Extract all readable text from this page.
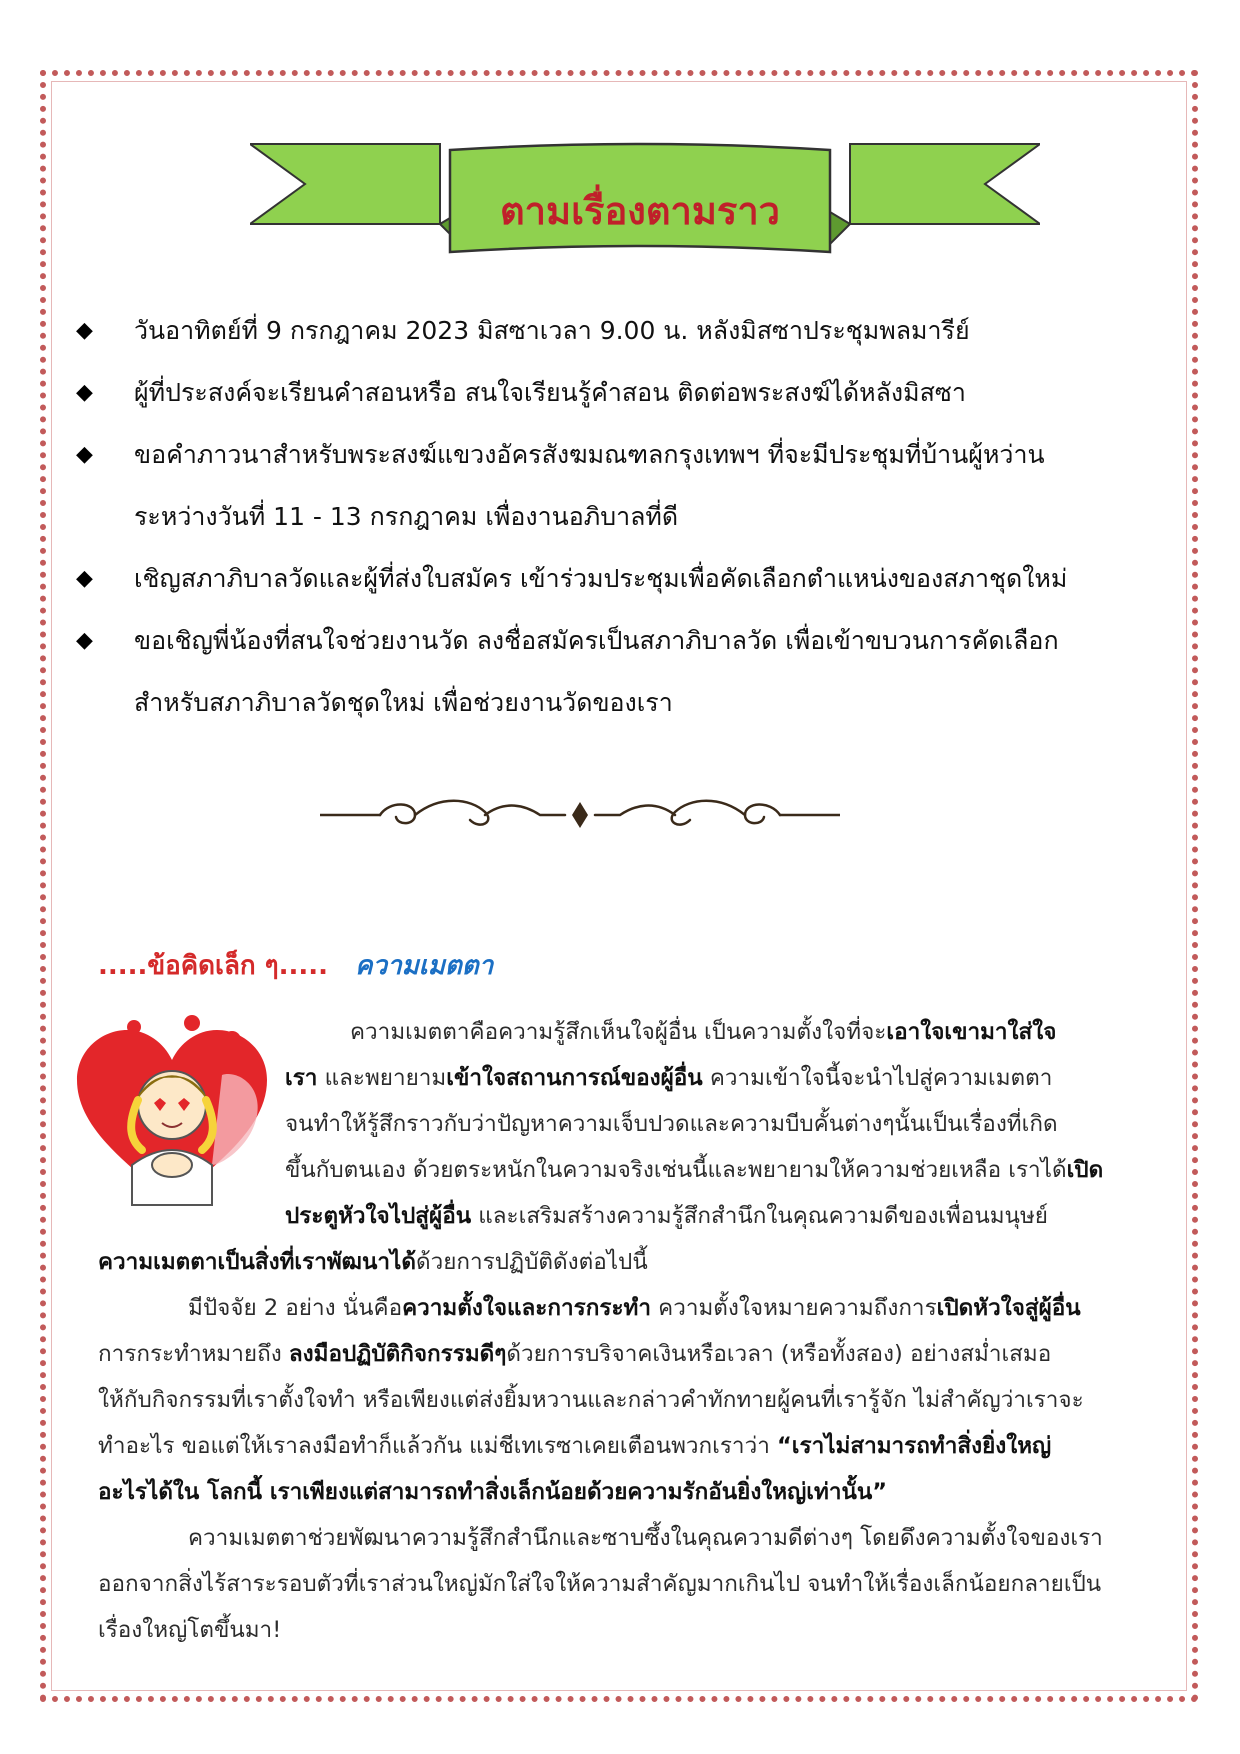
ตามเรื่องตามราว
◆ วันอาทิตย์ที่ 9 กรกฎาคม 2023 มิสซาเวลา 9.00 น. หลังมิสซาประชุมพลมารีย์
◆ ผู้ที่ประสงค์จะเรียนคำสอนหรือ สนใจเรียนรู้คำสอน ติดต่อพระสงฆ์ได้หลังมิสซา
◆ ขอคำภาวนาสำหรับพระสงฆ์แขวงอัครสังฆมณฑลกรุงเทพฯ ที่จะมีประชุมที่บ้านผู้หว่าน
ระหว่างวันที่ 11 - 13 กรกฎาคม เพื่องานอภิบาลที่ดี
◆ เชิญสภาภิบาลวัดและผู้ที่ส่งใบสมัคร เข้าร่วมประชุมเพื่อคัดเลือกตำแหน่งของสภาชุดใหม่
◆ ขอเชิญพี่น้องที่สนใจช่วยงานวัด ลงชื่อสมัครเป็นสภาภิบาลวัด เพื่อเข้าขบวนการคัดเลือก
สำหรับสภาภิบาลวัดชุดใหม่ เพื่อช่วยงานวัดของเรา
.....ข้อคิดเล็ก ๆ..... ความเมตตา
ความเมตตาคือความรู้สึกเห็นใจผู้อื่น เป็นความตั้งใจที่จะเอาใจเขามาใส่ใจ
เรา และพยายามเข้าใจสถานการณ์ของผู้อื่น ความเข้าใจนี้จะนำไปสู่ความเมตตา
จนทำให้รู้สึกราวกับว่าปัญหาความเจ็บปวดและความบีบคั้นต่างๆนั้นเป็นเรื่องที่เกิด
ขึ้นกับตนเอง ด้วยตระหนักในความจริงเช่นนี้และพยายามให้ความช่วยเหลือ เราได้เปิด
ประตูหัวใจไปสู่ผู้อื่น และเสริมสร้างความรู้สึกสำนึกในคุณความดีของเพื่อนมนุษย์
ความเมตตาเป็นสิ่งที่เราพัฒนาได้ด้วยการปฏิบัติดังต่อไปนี้
มีปัจจัย 2 อย่าง นั่นคือความตั้งใจและการกระทำ ความตั้งใจหมายความถึงการเปิดหัวใจสู่ผู้อื่น
การกระทำหมายถึง ลงมือปฏิบัติกิจกรรมดีๆด้วยการบริจาคเงินหรือเวลา (หรือทั้งสอง) อย่างสม่ำเสมอ
ให้กับกิจกรรมที่เราตั้งใจทำ หรือเพียงแต่ส่งยิ้มหวานและกล่าวคำทักทายผู้คนที่เรารู้จัก ไม่สำคัญว่าเราจะ
ทำอะไร ขอแต่ให้เราลงมือทำก็แล้วกัน แม่ชีเทเรซาเคยเตือนพวกเราว่า “เราไม่สามารถทำสิ่งยิ่งใหญ่
อะไรได้ใน โลกนี้ เราเพียงแต่สามารถทำสิ่งเล็กน้อยด้วยความรักอันยิ่งใหญ่เท่านั้น”
ความเมตตาช่วยพัฒนาความรู้สึกสำนึกและซาบซึ้งในคุณความดีต่างๆ โดยดึงความตั้งใจของเรา
ออกจากสิ่งไร้สาระรอบตัวที่เราส่วนใหญ่มักใส่ใจให้ความสำคัญมากเกินไป จนทำให้เรื่องเล็กน้อยกลายเป็น
เรื่องใหญ่โตขึ้นมา!
